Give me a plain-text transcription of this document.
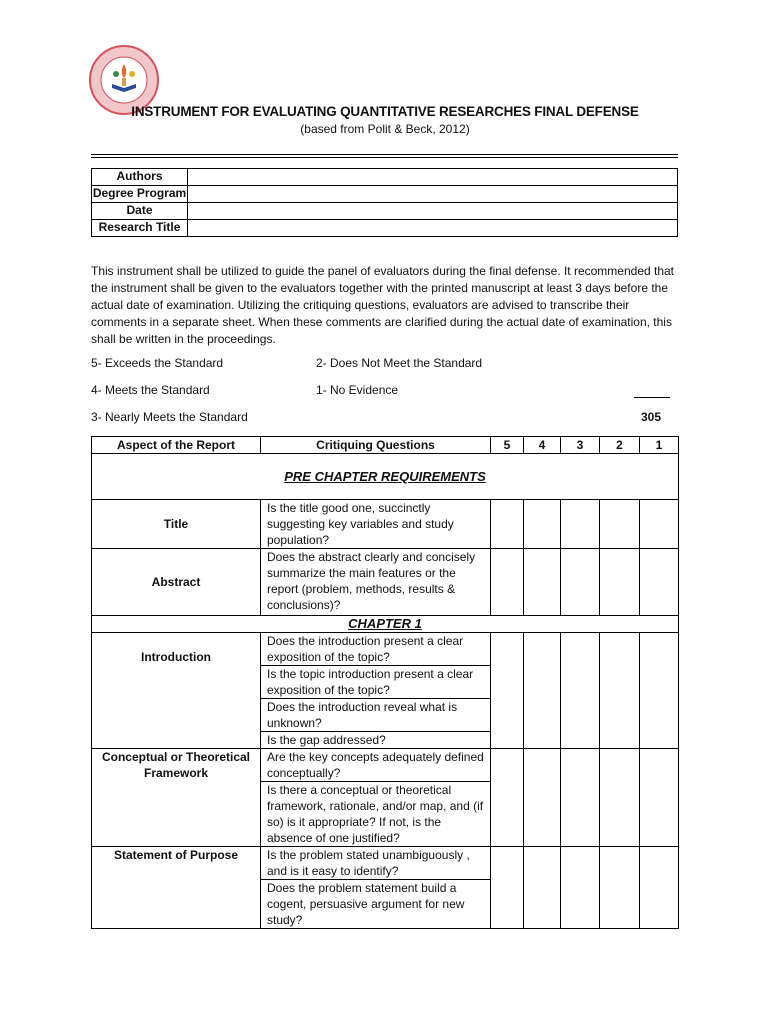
INSTRUMENT FOR EVALUATING QUANTITATIVE RESEARCHES FINAL DEFENSE
(based from Polit & Beck, 2012)
Authors	
Degree Program	
Date	
Research Title	
This instrument shall be utilized to guide the panel of evaluators during the final defense. It recommended that the instrument shall be given to the evaluators together with the printed manuscript at least 3 days before the actual date of examination. Utilizing the critiquing questions, evaluators are advised to transcribe their comments in a separate sheet. When these comments are clarified during the actual date of examination, this shall be written in the proceedings.
5- Exceeds the Standard	2- Does Not Meet the Standard
4- Meets the Standard	1- No Evidence
3- Nearly Meets the Standard	305
Aspect of the Report	Critiquing Questions	5	4	3	2	1
PRE CHAPTER REQUIREMENTS						
Title	Is the title good one, succinctly suggesting key variables and study population?					
Abstract	Does the abstract clearly and concisely summarize the main features or the report (problem, methods, results & conclusions)?					
CHAPTER 1						
Introduction	Does the introduction present a clear exposition of the topic?					
	Is the topic introduction present a clear exposition of the topic?					
	Does the introduction reveal what is unknown?					
	Is the gap addressed?					
Conceptual or Theoretical Framework	Are the key concepts adequately defined conceptually?					
	Is there a conceptual or theoretical framework, rationale, and/or map, and (if so) is it appropriate? If not, is the absence of one justified?					
Statement of Purpose	Is the problem stated unambiguously , and is it easy to identify?					
	Does the problem statement build a cogent, persuasive argument for new study?					
